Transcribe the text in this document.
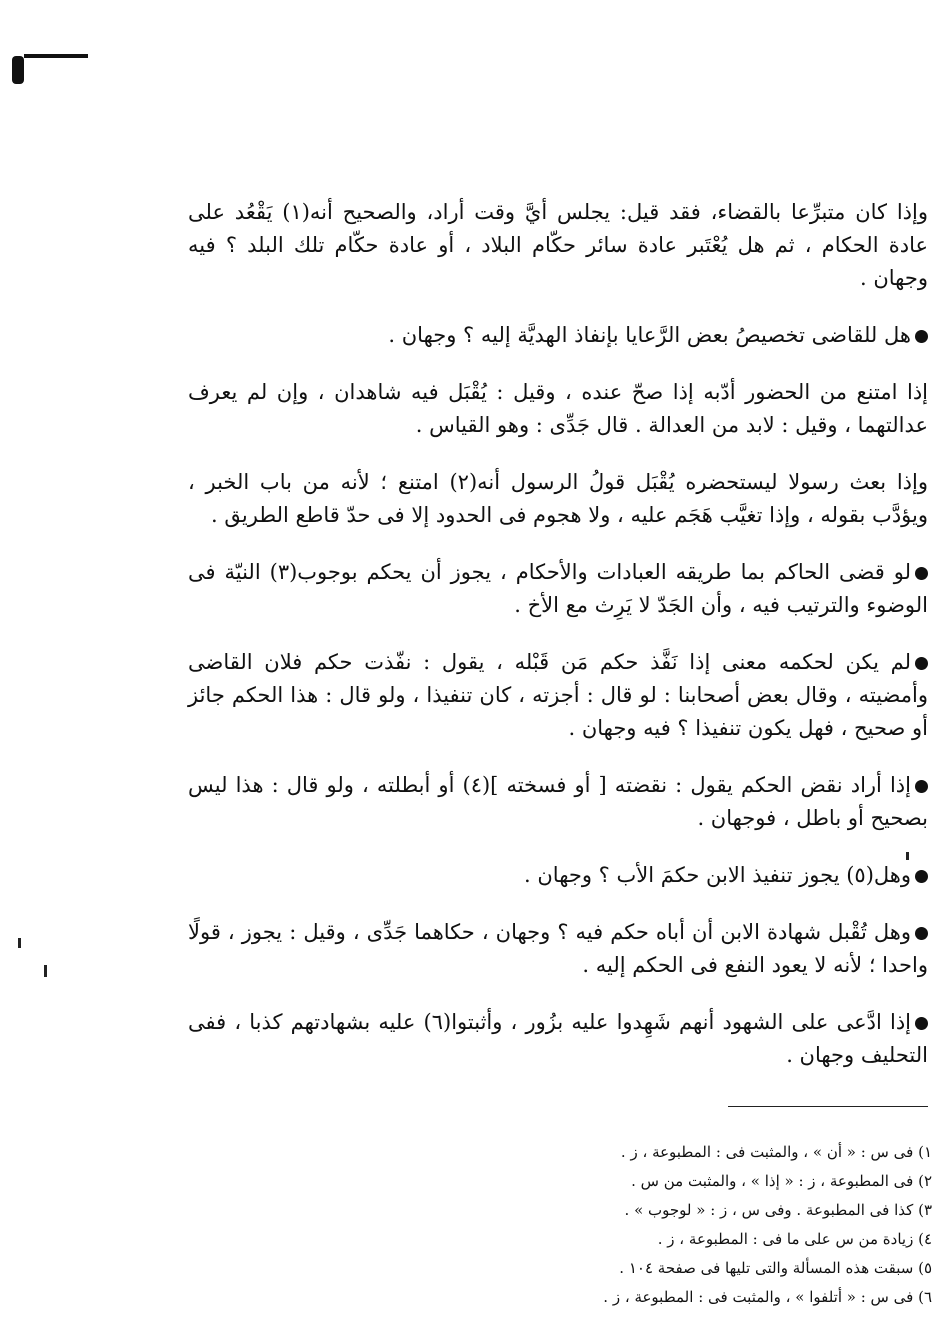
وإذا كان متبرِّعا بالقضاء، فقد قيل: يجلس أيَّ وقت أراد، والصحيح أنه(١) يَقْعُد على عادة الحكام ، ثم هل يُعْتَبر عادة سائر حكّام البلاد ، أو عادة حكّام تلك البلد ؟ فيه وجهان .

هل للقاضى تخصيصُ بعض الرَّعايا بإنفاذ الهديَّة إليه ؟ وجهان .

إذا امتنع من الحضور أدّبه إذا صحّ عنده ، وقيل : يُقْبَل فيه شاهدان ، وإن لم يعرف عدالتهما ، وقيل : لابد من العدالة . قال جَدِّى : وهو القياس .

وإذا بعث رسولا ليستحضره يُقْبَل قولُ الرسول أنه(٢) امتنع ؛ لأنه من باب الخبر ، ويؤدَّب بقوله ، وإذا تغيَّب هَجَم عليه ، ولا هجوم فى الحدود إلا فى حدّ قاطع الطريق .

لو قضى الحاكم بما طريقه العبادات والأحكام ، يجوز أن يحكم بوجوب(٣) النيّة فى الوضوء والترتيب فيه ، وأن الجَدّ لا يَرِث مع الأخ .

لم يكن لحكمه معنى إذا نَفَّذ حكم مَن قَبْله ، يقول : نفّذت حكم فلان القاضى وأمضيته ، وقال بعض أصحابنا : لو قال : أجزته ، كان تنفيذا ، ولو قال : هذا الحكم جائز أو صحيح ، فهل يكون تنفيذا ؟ فيه وجهان .

إذا أراد نقض الحكم يقول : نقضته [ أو فسخته ](٤) أو أبطلته ، ولو قال : هذا ليس بصحيح أو باطل ، فوجهان .

وهل(٥) يجوز تنفيذ الابن حكمَ الأب ؟ وجهان .

وهل تُقْبل شهادة الابن أن أباه حكم فيه ؟ وجهان ، حكاهما جَدِّى ، وقيل : يجوز ، قولًا واحدا ؛ لأنه لا يعود النفع فى الحكم إليه .

إذا ادَّعى على الشهود أنهم شَهِدوا عليه بزُور ، وأثبتوا(٦) عليه بشهادتهم كذبا ، ففى التحليف وجهان .

١) فى س : « أن » ، والمثبت فى : المطبوعة ، ز .
٢) فى المطبوعة ، ز : « إذا » ، والمثبت من س .
٣) كذا فى المطبوعة . وفى س ، ز : « لوجوب » .
٤) زيادة من س على ما فى : المطبوعة ، ز .
٥) سبقت هذه المسألة والتى تليها فى صفحة ١٠٤ .
٦) فى س : « أتلفوا » ، والمثبت فى : المطبوعة ، ز .
